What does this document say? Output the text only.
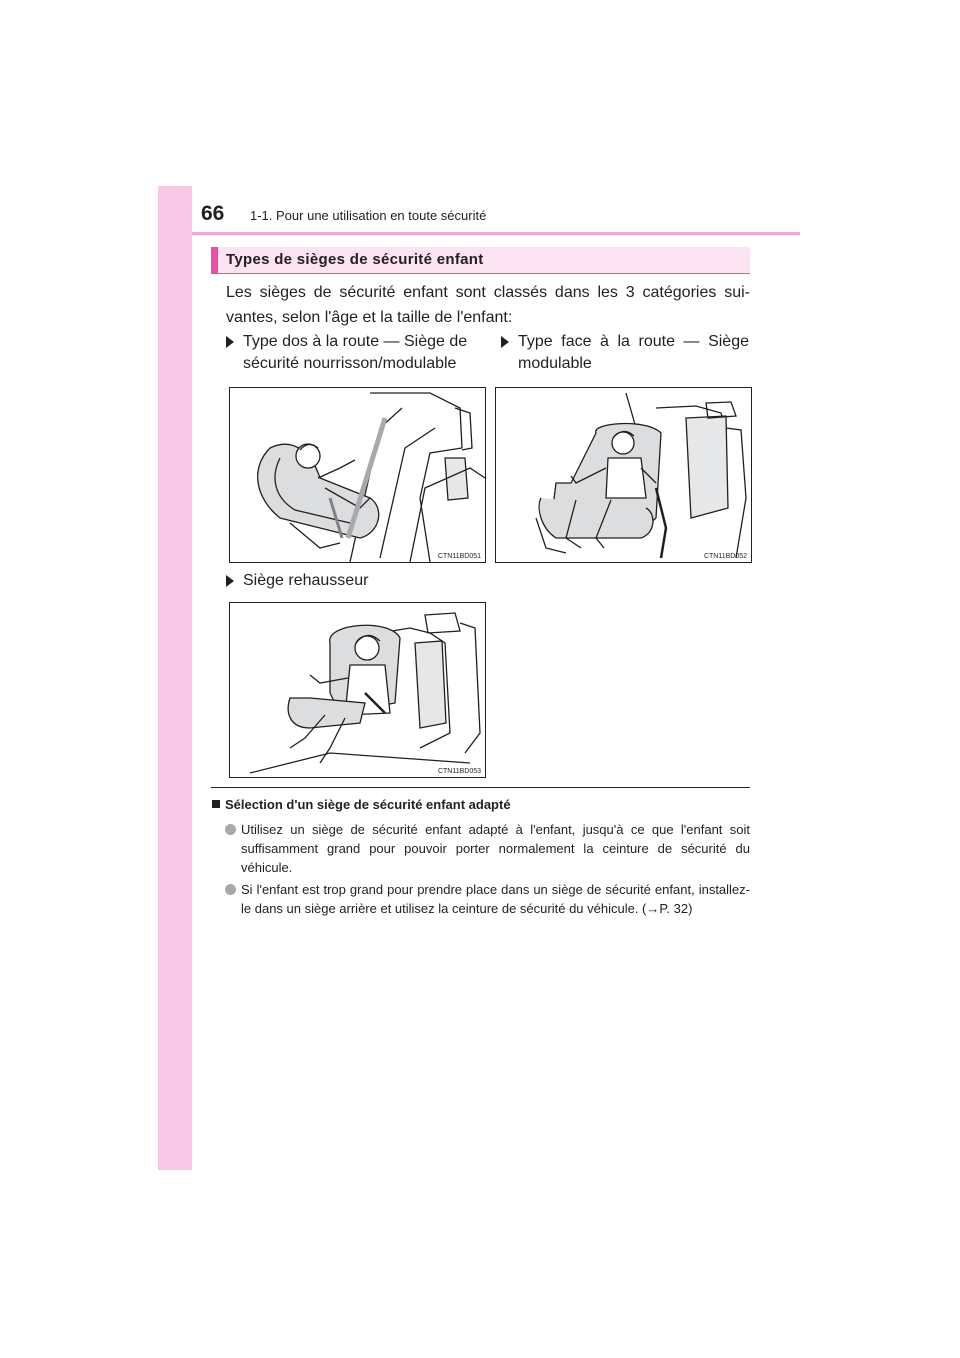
66 1-1. Pour une utilisation en toute sécurité
Types de sièges de sécurité enfant
Les sièges de sécurité enfant sont classés dans les 3 catégories sui-vantes, selon l'âge et la taille de l'enfant:
Type dos à la route — Siège de sécurité nourrisson/modulable
Type face à la route — Siège modulable
CTN11BD051	CTN11BD052
Siège rehausseur
CTN11BD053
Sélection d'un siège de sécurité enfant adapté
Utilisez un siège de sécurité enfant adapté à l'enfant, jusqu'à ce que l'enfant soit suffisamment grand pour pouvoir porter normalement la ceinture de sécurité du véhicule.
Si l'enfant est trop grand pour prendre place dans un siège de sécurité enfant, installez-le dans un siège arrière et utilisez la ceinture de sécurité du véhicule. (→P. 32)
